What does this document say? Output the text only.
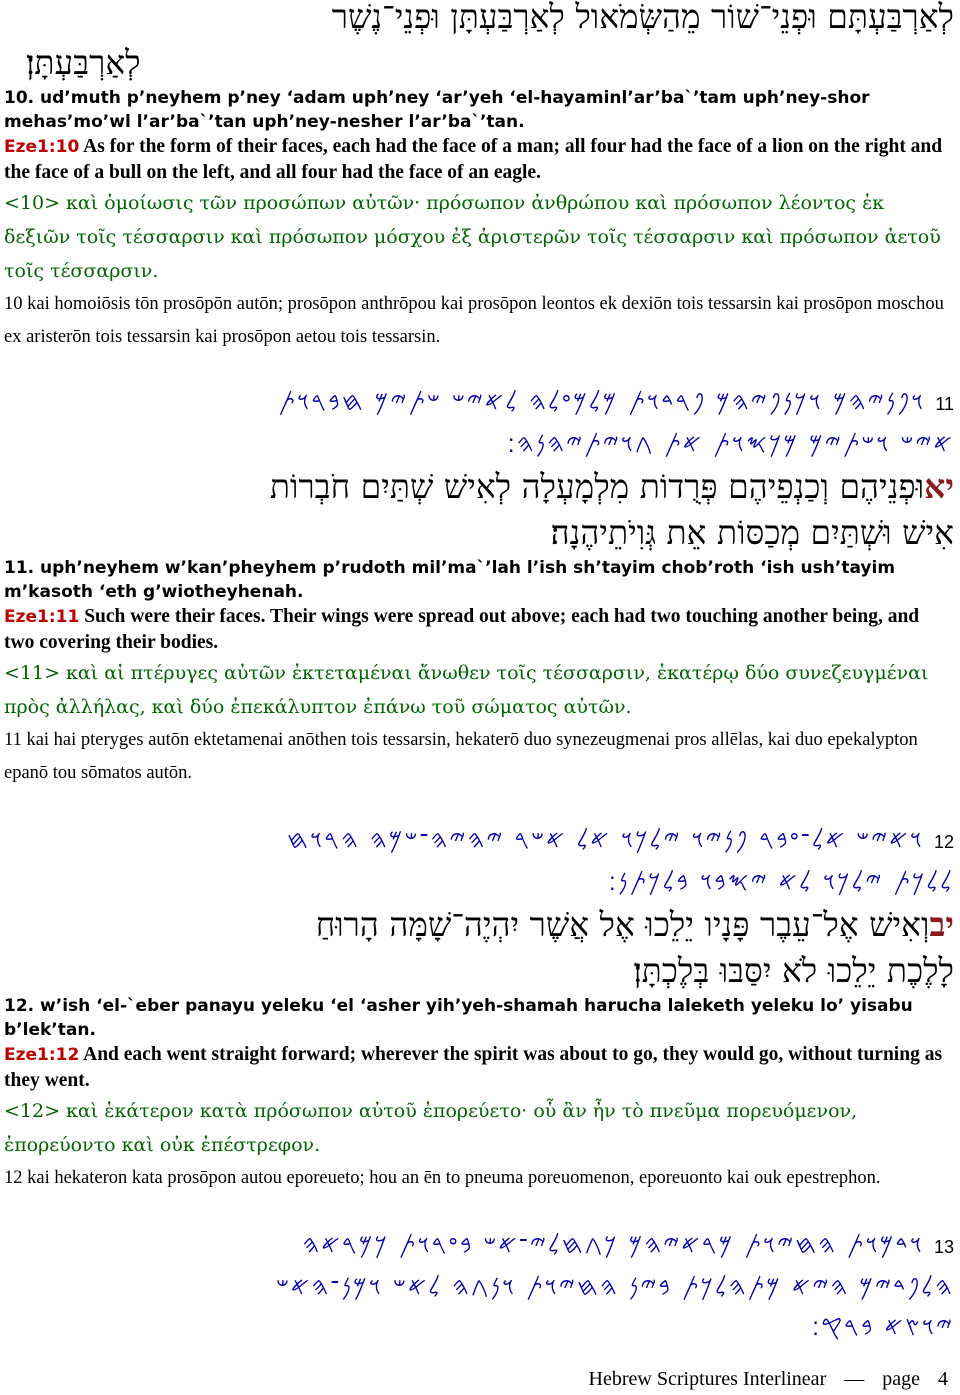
לְאַרְבַּעְתָּם וּפְנֵי־שׁוֹר מֵהַשְּׂמֹאול לְאַרְבַּעְתָּן וּפְנֵי־נֶשֶׁר
לְאַרְבַּעְתָּן׃
10. ud’muth p’neyhem p’ney ‘adam uph’ney ‘ar’yeh ‘el-hayaminl’ar’ba`’tam uph’ney-shor mehas’mo’wl l’ar’ba`’tan uph’ney-nesher l’ar’ba`’tan.
Eze1:10 As for the form of their faces, each had the face of a man; all four had the face of a lion on the right and the face of a bull on the left, and all four had the face of an eagle.
<10> καὶ ὁμοίωσις τῶν προσώπων αὐτῶν· πρόσωπον ἀνθρώπου καὶ πρόσωπον λέοντος ἐκ δεξιῶν τοῖς τέσσαρσιν καὶ πρόσωπον μόσχου ἐξ ἀριστερῶν τοῖς τέσσαρσιν καὶ πρόσωπον ἀετοῦ τοῖς τέσσαρσιν.
10 kai homoiōsis tōn prosōpōn autōn; prosōpon anthrōpou kai prosōpon leontos ek dexiōn tois tessarsin kai prosōpon moschou ex aristerōn tois tessarsin kai prosōpon aetou tois tessarsin.
11 𐤅𐤐𐤍𐤉𐤄𐤌 𐤅𐤊𐤍𐤐𐤉𐤄𐤌 𐤐𐤓𐤃𐤅𐤕 𐤌𐤋𐤌𐤏𐤋𐤄 𐤋𐤀𐤉𐤔 𐤔𐤕𐤉𐤌 𐤇𐤁𐤓𐤅𐤕
𐤀𐤉𐤔 𐤅𐤔𐤕𐤉𐤌 𐤌𐤊𐤎𐤅𐤕 𐤀𐤕 𐤂𐤅𐤉𐤕𐤉𐤄𐤍𐤄׃
יאוּפְנֵיהֶם וְכַנְפֵיהֶם פְּרֻדוֹת מִלְמָעְלָה לְאִישׁ שְׁתַּיִם חֹבְרוֹת
אִישׁ וּשְׁתַּיִם מְכַסּוֹת אֵת גְּוִיֹתֵיהֶנָה׃
11. uph’neyhem w’kan’pheyhem p’rudoth mil’ma`’lah l’ish sh’tayim chob’roth ‘ish ush’tayim m’kasoth ‘eth g’wiotheyhenah.
Eze1:11 Such were their faces. Their wings were spread out above; each had two touching another being, and two covering their bodies.
<11> καὶ αἱ πτέρυγες αὐτῶν ἐκτεταμέναι ἄνωθεν τοῖς τέσσαρσιν, ἑκατέρῳ δύο συνεζευγμέναι πρὸς ἀλλήλας, καὶ δύο ἐπεκάλυπτον ἐπάνω τοῦ σώματος αὐτῶν.
11 kai hai pteryges autōn ektetamenai anōthen tois tessarsin, hekaterō duo synezeugmenai pros allēlas, kai duo epekalypton epanō tou sōmatos autōn.
12 𐤅𐤀𐤉𐤔 𐤀𐤋־𐤏𐤁𐤓 𐤐𐤍𐤉𐤅 𐤉𐤋𐤊𐤅 𐤀𐤋 𐤀𐤔𐤓 𐤉𐤄𐤉𐤄־𐤔𐤌𐤄 𐤄𐤓𐤅𐤇
𐤋𐤋𐤊𐤕 𐤉𐤋𐤊𐤅 𐤋𐤀 𐤉𐤎𐤁𐤅 𐤁𐤋𐤊𐤕𐤍׃
יבוְאִישׁ אֶל־עֵבֶר פָּנָיו יֵלֵכוּ אֶל אֲשֶׁר יִהְיֶה־שָׁמָּה הָרוּחַ
לָלֶכֶת יֵלֵכוּ לֹא יִסַּבּוּ בְּלֶכְתָּן׃
12. w’ish ‘el-`eber panayu yeleku ‘el ‘asher yih’yeh-shamah harucha laleketh yeleku lo’ yisabu b’lek’tan.
Eze1:12 And each went straight forward; wherever the spirit was about to go, they would go, without turning as they went.
<12> καὶ ἑκάτερον κατὰ πρόσωπον αὐτοῦ ἐπορεύετο· οὗ ἂν ἦν τὸ πνεῦμα πορευόμενον, ἐπορεύοντο καὶ οὐκ ἐπέστρεφον.
12 kai hekateron kata prosōpon autou eporeueto; hou an ēn to pneuma poreuomenon, eporeuonto kai ouk epestrephon.
13 𐤅𐤃𐤌𐤅𐤕 𐤄𐤇𐤉𐤅𐤕 𐤌𐤓𐤀𐤉𐤄𐤌 𐤊𐤂𐤇𐤋𐤉־𐤀𐤔 𐤁𐤏𐤓𐤅𐤕 𐤊𐤌𐤓𐤀𐤄
𐤄𐤋𐤐𐤃𐤉𐤌 𐤄𐤉𐤀 𐤌𐤕𐤄𐤋𐤊𐤕 𐤁𐤉𐤍 𐤄𐤇𐤉𐤅𐤕 𐤅𐤍𐤂𐤄 𐤋𐤀𐤔 𐤅𐤌𐤍־𐤄𐤀𐤔
𐤉𐤅𐤑𐤀 𐤁𐤓𐤒׃
Hebrew Scriptures Interlinear — page 4
